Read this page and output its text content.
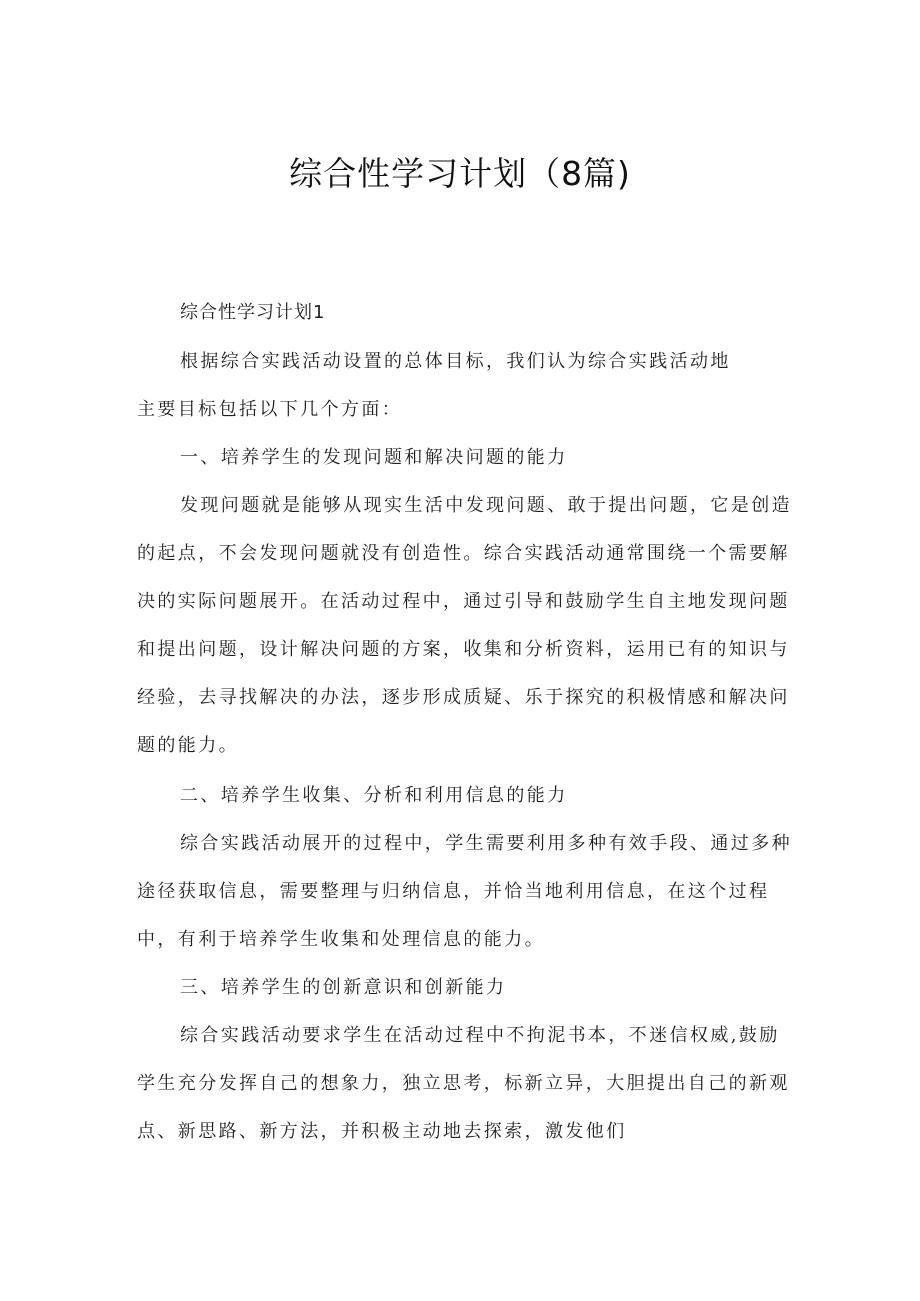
综合性学习计划（8篇)
综合性学习计划1
根据综合实践活动设置的总体目标，我们认为综合实践活动地
主要目标包括以下几个方面：
一、培养学生的发现问题和解决问题的能力
发现问题就是能够从现实生活中发现问题、敢于提出问题，它是创造
的起点，不会发现问题就没有创造性。综合实践活动通常围绕一个需要解
决的实际问题展开。在活动过程中，通过引导和鼓励学生自主地发现问题
和提出问题，设计解决问题的方案，收集和分析资料，运用已有的知识与
经验，去寻找解决的办法，逐步形成质疑、乐于探究的积极情感和解决问
题的能力。
二、培养学生收集、分析和利用信息的能力
综合实践活动展开的过程中，学生需要利用多种有效手段、通过多种
途径获取信息，需要整理与归纳信息，并恰当地利用信息，在这个过程
中，有利于培养学生收集和处理信息的能力。
三、培养学生的创新意识和创新能力
综合实践活动要求学生在活动过程中不拘泥书本，不迷信权威,鼓励
学生充分发挥自己的想象力，独立思考，标新立异，大胆提出自己的新观
点、新思路、新方法，并积极主动地去探索，激发他们
